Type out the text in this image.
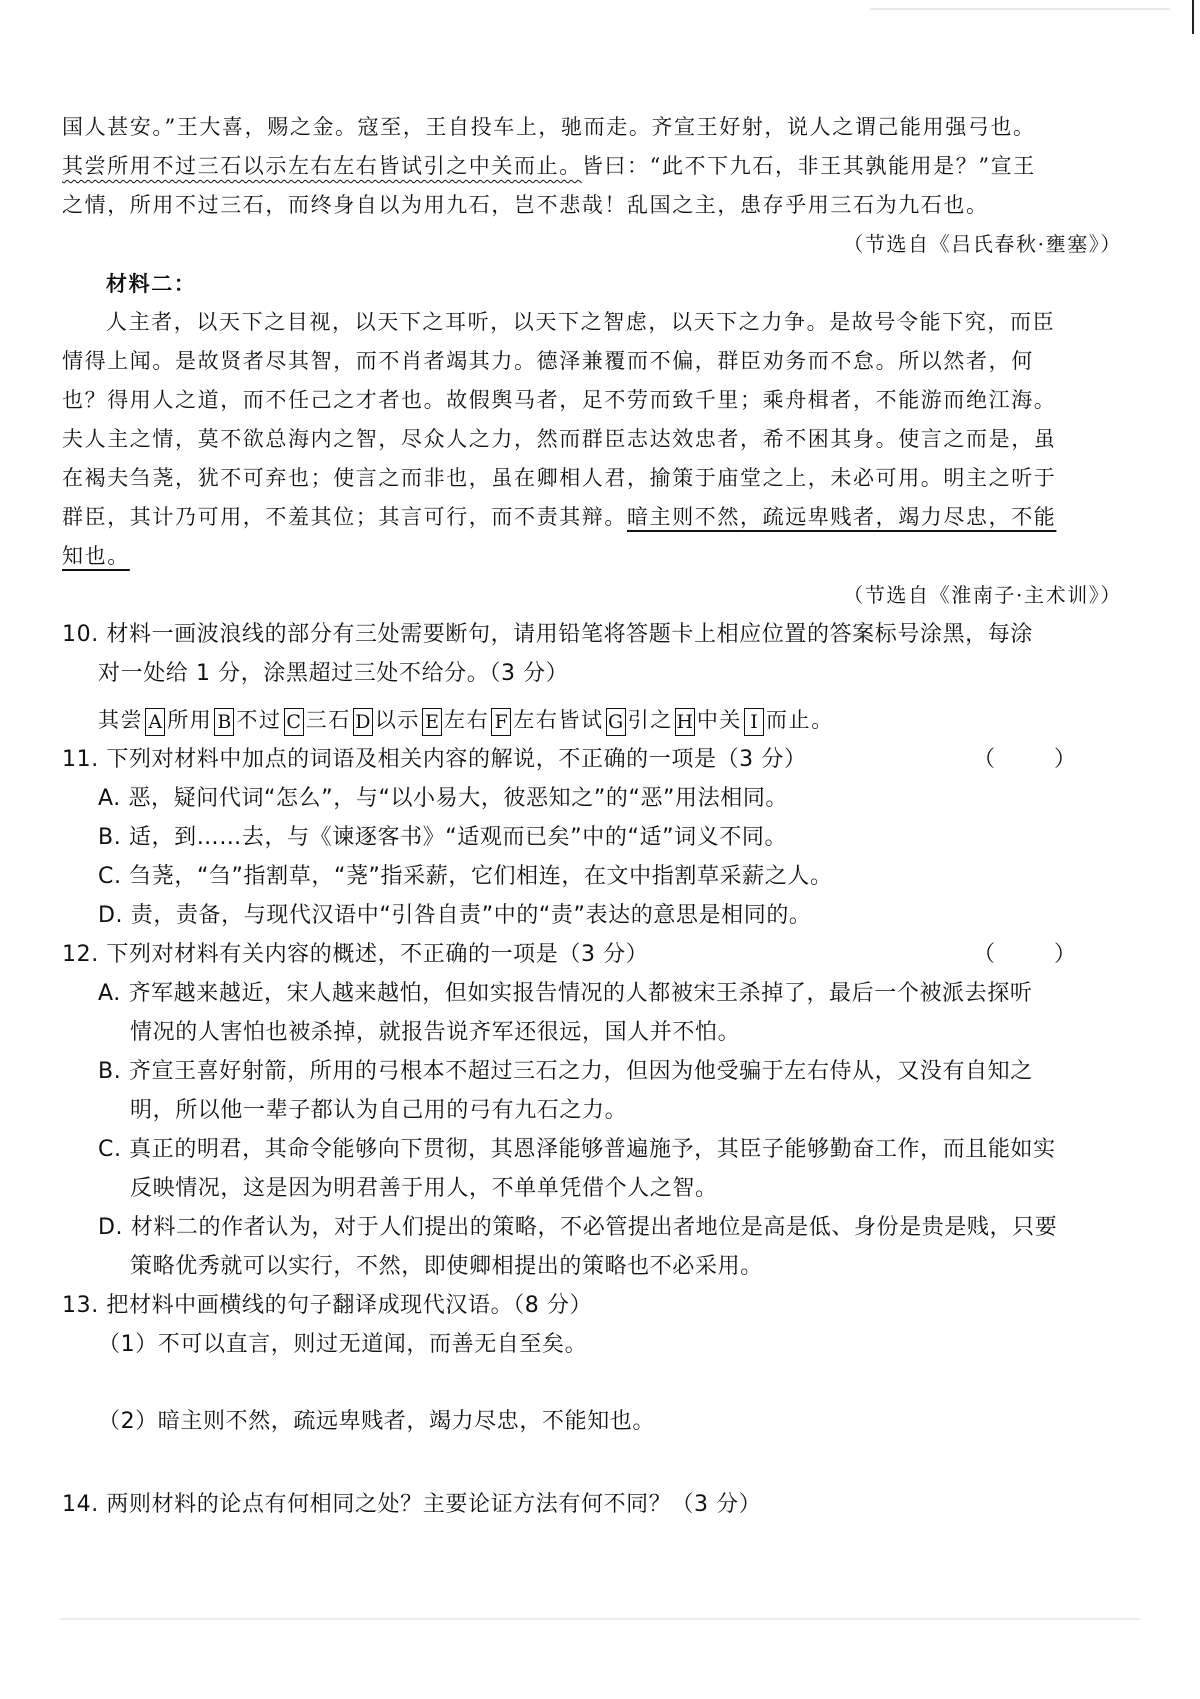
国人甚安。”王大喜，赐之金。寇至，王自投车上，驰而走。齐宣王好射，说人之谓己能用强弓也。
其尝所用不过三石以示左右左右皆试引之中关而止。皆曰：“此不下九石，非王其孰能用是？”宣王
之情，所用不过三石，而终身自以为用九石，岂不悲哉！乱国之主，患存乎用三石为九石也。
（节选自《吕氏春秋·壅塞》）
材料二：
人主者，以天下之目视，以天下之耳听，以天下之智虑，以天下之力争。是故号令能下究，而臣
情得上闻。是故贤者尽其智，而不肖者竭其力。德泽兼覆而不偏，群臣劝务而不怠。所以然者，何
也？得用人之道，而不任己之才者也。故假舆马者，足不劳而致千里；乘舟楫者，不能游而绝江海。
夫人主之情，莫不欲总海内之智，尽众人之力，然而群臣志达效忠者，希不困其身。使言之而是，虽
在褐夫刍荛，犹不可弃也；使言之而非也，虽在卿相人君，揄策于庙堂之上，未必可用。明主之听于
群臣，其计乃可用，不羞其位；其言可行，而不责其辩。暗主则不然，疏远卑贱者，竭力尽忠，不能
知也。
（节选自《淮南子·主术训》）
10. 材料一画波浪线的部分有三处需要断句，请用铅笔将答题卡上相应位置的答案标号涂黑，每涂
对一处给 1 分，涂黑超过三处不给分。（3 分）
其尝 A 所用 B 不过 C 三石 D 以示 E 左右 F 左右皆试 G 引之 H 中关 I 而止。
11. 下列对材料中加点的词语及相关内容的解说，不正确的一项是（3 分）	（ ）
A. 恶，疑问代词“怎么”，与“以小易大，彼恶知之”的“恶”用法相同。
B. 适，到……去，与《谏逐客书》“适观而已矣”中的“适”词义不同。
C. 刍荛，“刍”指割草，“荛”指采薪，它们相连，在文中指割草采薪之人。
D. 责，责备，与现代汉语中“引咎自责”中的“责”表达的意思是相同的。
12. 下列对材料有关内容的概述，不正确的一项是（3 分）	（ ）
A. 齐军越来越近，宋人越来越怕，但如实报告情况的人都被宋王杀掉了，最后一个被派去探听
情况的人害怕也被杀掉，就报告说齐军还很远，国人并不怕。
B. 齐宣王喜好射箭，所用的弓根本不超过三石之力，但因为他受骗于左右侍从，又没有自知之
明，所以他一辈子都认为自己用的弓有九石之力。
C. 真正的明君，其命令能够向下贯彻，其恩泽能够普遍施予，其臣子能够勤奋工作，而且能如实
反映情况，这是因为明君善于用人，不单单凭借个人之智。
D. 材料二的作者认为，对于人们提出的策略，不必管提出者地位是高是低、身份是贵是贱，只要
策略优秀就可以实行，不然，即使卿相提出的策略也不必采用。
13. 把材料中画横线的句子翻译成现代汉语。（8 分）
（1）不可以直言，则过无道闻，而善无自至矣。
（2）暗主则不然，疏远卑贱者，竭力尽忠，不能知也。
14. 两则材料的论点有何相同之处？主要论证方法有何不同？（3 分）
